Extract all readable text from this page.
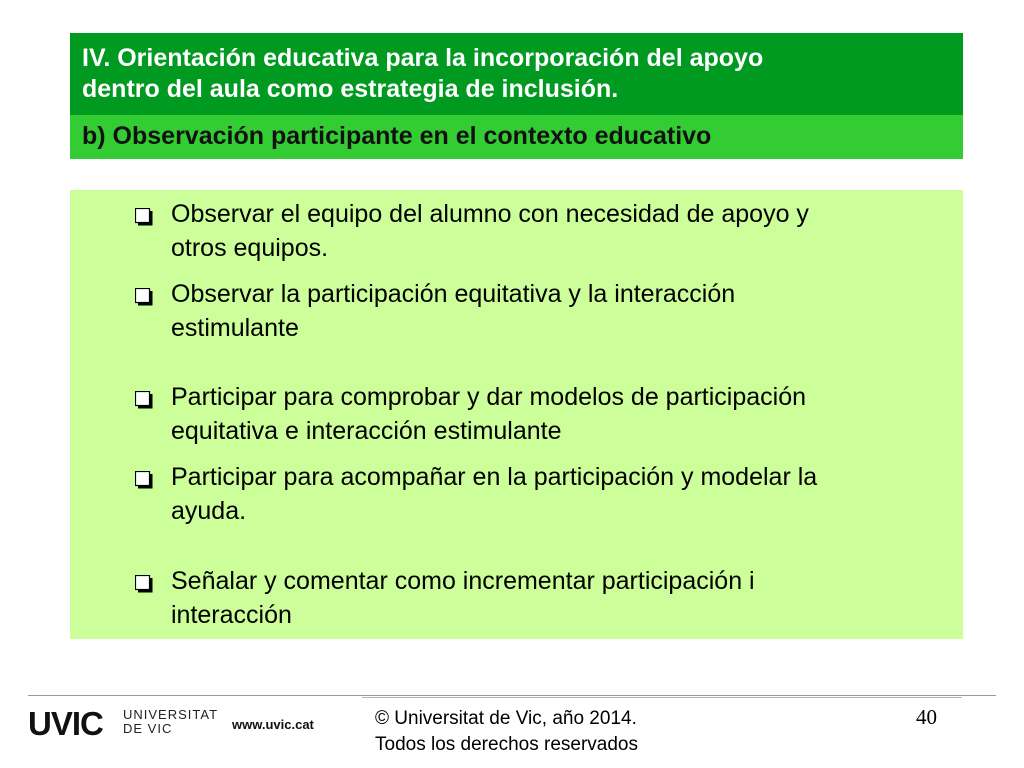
IV. Orientación educativa para la incorporación del apoyo
dentro del aula como estrategia de inclusión.
b) Observación participante en el contexto educativo
Observar el equipo del alumno con necesidad de apoyo y
otros equipos.
Observar la participación equitativa y la interacción
estimulante
Participar para comprobar y dar modelos de participación
equitativa e interacción estimulante
Participar para acompañar en la participación y modelar la
ayuda.
Señalar y comentar como incrementar participación i
interacción
UVIC UNIVERSITAT
DE VIC	www.uvic.cat	© Universitat de Vic, año 2014.
Todos los derechos reservados
40
